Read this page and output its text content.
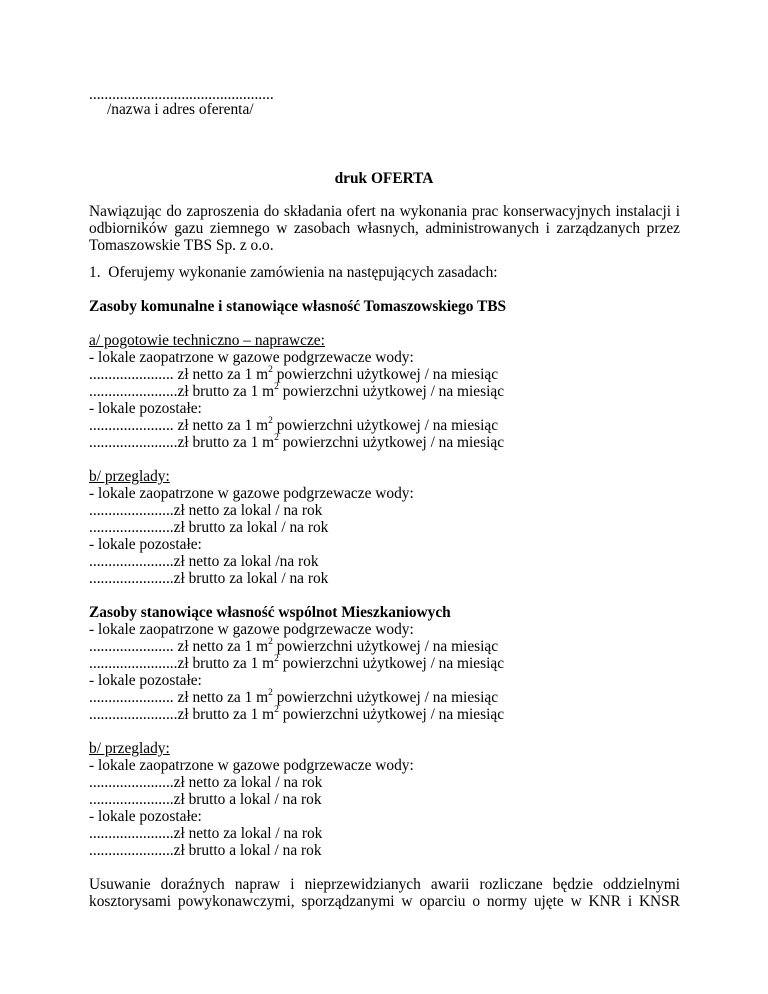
................................................
/nazwa i adres oferenta/
druk OFERTA
Nawiązując do zaproszenia do składania ofert na wykonania prac konserwacyjnych instalacji i
odbiorników gazu ziemnego w zasobach własnych, administrowanych i zarządzanych przez
Tomaszowskie TBS Sp. z o.o.
1.  Oferujemy wykonanie zamówienia na następujących zasadach:
Zasoby komunalne i stanowiące własność Tomaszowskiego TBS
a/ pogotowie techniczno – naprawcze:
- lokale zaopatrzone w gazowe podgrzewacze wody:
...................... zł netto za 1 $m^2$ powierzchni użytkowej / na miesiąc
.......................zł brutto za 1 $m^2$ powierzchni użytkowej / na miesiąc
- lokale pozostałe:
...................... zł netto za 1 $m^2$ powierzchni użytkowej / na miesiąc
.......................zł brutto za 1 $m^2$ powierzchni użytkowej / na miesiąc
b/ przeglady:
- lokale zaopatrzone w gazowe podgrzewacze wody:
......................zł netto za lokal / na rok
......................zł brutto za lokal / na rok
- lokale pozostałe:
......................zł netto za lokal /na rok
......................zł brutto za lokal / na rok
Zasoby stanowiące własność wspólnot Mieszkaniowych
- lokale zaopatrzone w gazowe podgrzewacze wody:
...................... zł netto za 1 $m^2$ powierzchni użytkowej / na miesiąc
.......................zł brutto za 1 $m^2$ powierzchni użytkowej / na miesiąc
- lokale pozostałe:
...................... zł netto za 1 $m^2$ powierzchni użytkowej / na miesiąc
.......................zł brutto za 1 $m^2$ powierzchni użytkowej / na miesiąc
b/ przeglady:
- lokale zaopatrzone w gazowe podgrzewacze wody:
......................zł netto za lokal / na rok
......................zł brutto a lokal / na rok
- lokale pozostałe:
......................zł netto za lokal / na rok
......................zł brutto a lokal / na rok
Usuwanie doraźnych napraw i nieprzewidzianych awarii rozliczane będzie oddzielnymi
kosztorysami powykonawczymi, sporządzanymi w oparciu o normy ujęte w KNR i KNSR
